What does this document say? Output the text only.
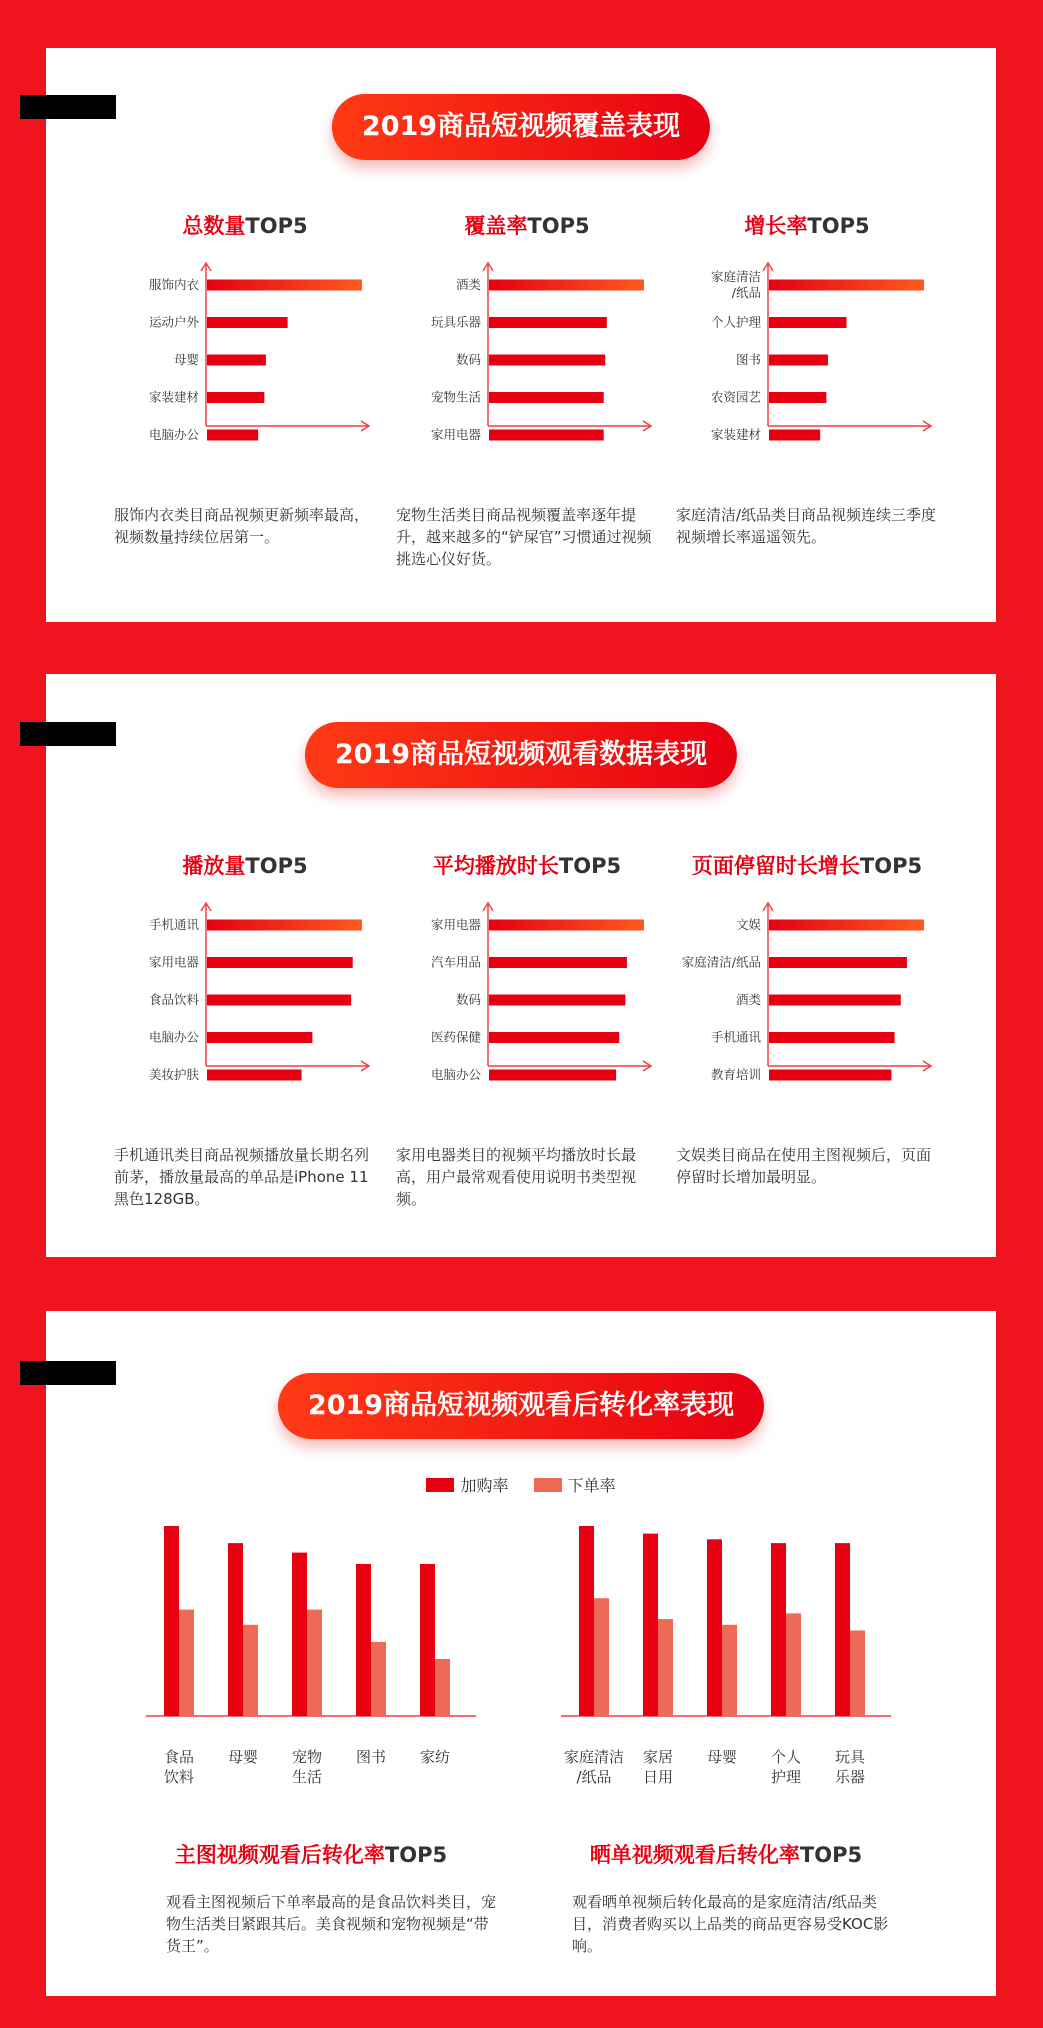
2019商品短视频覆盖表现
总数量TOP5
服饰内衣
运动户外
母婴
家装建材
电脑办公
服饰内衣类目商品视频更新频率最高，视频数量持续位居第一。
覆盖率TOP5
酒类
玩具乐器
数码
宠物生活
家用电器
宠物生活类目商品视频覆盖率逐年提升，越来越多的“铲屎官”习惯通过视频挑选心仪好货。
增长率TOP5
家庭清洁/纸品
个人护理
图书
农资园艺
家装建材
家庭清洁/纸品类目商品视频连续三季度视频增长率遥遥领先。
2019商品短视频观看数据表现
播放量TOP5
手机通讯
家用电器
食品饮料
电脑办公
美妆护肤
手机通讯类目商品视频播放量长期名列前茅，播放量最高的单品是iPhone 11 黑色128GB。
平均播放时长TOP5
家用电器
汽车用品
数码
医药保健
电脑办公
家用电器类目的视频平均播放时长最高，用户最常观看使用说明书类型视频。
页面停留时长增长TOP5
文娱
家庭清洁/纸品
酒类
手机通讯
教育培训
文娱类目商品在使用主图视频后，页面停留时长增加最明显。
2019商品短视频观看后转化率表现
加购率	下单率
主图视频观看后转化率TOP5	晒单视频观看后转化率TOP5
观看主图视频后下单率最高的是食品饮料类目，宠物生活类目紧跟其后。美食视频和宠物视频是“带货王”。
观看晒单视频后转化最高的是家庭清洁/纸品类目，消费者购买以上品类的商品更容易受KOC影响。
食品
饮料
母婴	宠物
生活
图书	家纺	家庭清洁
/纸品
家居
日用
母婴	个人
护理
玩具
乐器
